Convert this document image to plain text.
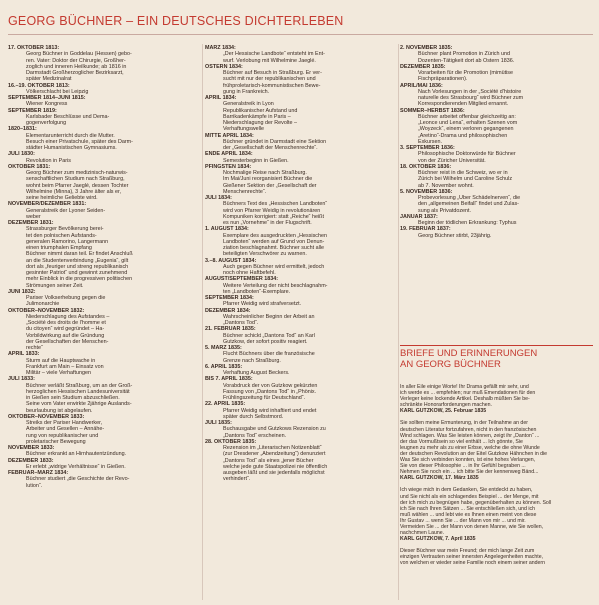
GEORG BÜCHNER – EIN DEUTSCHES DICHTERLEBEN
17. OKTOBER 1813:
Georg Büchner in Goddelau (Hessen) gebo-
ren. Vater: Doktor der Chirurgie, Großher-
zoglich und inneren Heilkunde; ab 1816 in
Darmstadt Großherzoglicher Bezirksarzt,
später Medizinalrat
16.–19. OKTOBER 1813:
Völkerschlacht bei Leipzig
SEPTEMBER 1814–JUNI 1815:
Wiener Kongress
SEPTEMBER 1819:
Karlsbader Beschlüsse und Dema-
gogenverfolgung
1820–1831:
Elementarunterricht durch die Mutter.
Besuch einer Privatschule, später des Darm-
städter Humanistischen Gymnasiums.
JULI 1830:
Revolution in Paris
OKTOBER 1831:
Georg Büchner zum medizinisch-naturwis-
senschaftlichen Studium nach Straßburg,
wohnt beim Pfarrer Jaeglé, dessen Tochter
Wilhelmine (Minna), 3 Jahre älter als er,
seine heimliche Geliebte wird.
NOVEMBER/DEZEMBER 1831:
Generalstreik der Lyoner Seiden-
weber
DEZEMBER 1831:
Strassburger Bevölkerung berei-
tet den polnischen Aufstands-
generalen Ramorino, Langermann
einen triumphalen Empfang
Büchner nimmt daran teil. Er findet Anschluß
an die Studentenverbindung „Eugenia“, gilt
dort als „feuriger und streng republikanisch
gesinnter Patriot“ und gewinnt zunehmend
mehr Einblick in die progressiven politischen
Strömungen seiner Zeit.
JUNI 1832:
Pariser Volkserhebung gegen die
Julimonarchie
OKTOBER–NOVEMBER 1832:
Niederschlagung des Aufstandes –
„Société des droits de l'homme et
du citoyen“ wird gegründet – Ha-
Vorbildwirkung auf die Gründung
der Gesellschaften der Menschen-
rechte“
APRIL 1833:
Sturm auf die Hauptwache in
Frankfurt am Main – Einsatz von
Militär – viele Verhaftungen
JULI 1833:
Büchner verläßt Straßburg, um an der Groß-
herzoglichen Hessischen Landesuniversität
in Gießen sein Studium abzuschließen.
Seine vom Vater erwirkte 2jährige Auslands-
beurlaubung ist abgelaufen.
OKTOBER–NOVEMBER 1833:
Streiks der Pariser Handwerker,
Arbeiter und Gesellen – Annähe-
rung von republikanischer und
proletarischer Bewegung
NOVEMBER 1833:
Büchner erkrankt an Hirnhautentzündung.
DEZEMBER 1833:
Er erlebt „widrige Verhältnisse“ in Gießen.
FEBRUAR–MÄRZ 1834:
Büchner studiert „die Geschichte der Revo-
lution“.
MÄRZ 1834:
„Der Hessische Landbote“ entsteht im Ent-
wurf. Verlobung mit Wilhelmine Jaeglé.
OSTERN 1834:
Büchner auf Besuch in Straßburg. Er ver-
sucht mit nur der republikanischen und
frühproletarisch-kommunistischen Bewe-
gung in Frankreich.
APRIL 1834:
Generalstreik in Lyon
Republikanischer Aufstand und
Barrikadenkämpfe in Paris –
Niederschlagung der Revolte –
Verhaftungswelle
MITTE APRIL 1834:
Büchner gründet in Darmstadt eine Sektion
der „Gesellschaft der Menschenrechte“.
ENDE APRIL 1834:
Semesterbeginn in Gießen.
PFINGSTEN 1834:
Nochmalige Reise nach Straßburg.
Im Mai/Juni reorganisiert Büchner die
Gießener Sektion der „Gesellschaft der
Menschenrechte“.
JULI 1834:
Büchners Text des „Hessischen Landboten“
wird von Pfarrer Weidig in revolutionären
Kompuniken korrigiert: statt „Reiche“ heißt
es nun „Vornehme“ in der Flugschrift.
1. AUGUST 1834:
Exemplare des ausgedruckten „Hessischen
Landboten“ werden auf Grund von Denun-
ziation beschlagnahmt. Büchner sucht alle
beteiligten Verschwörer zu warnen.
3.–8. AUGUST 1834:
Auch gegen Büchner wird ermittelt, jedoch
noch ohne Haftbefehl.
AUGUST/SEPTEMBER 1834:
Weitere Verteilung der nicht beschlagnahm-
ten „Landboten“-Exemplare.
SEPTEMBER 1834:
Pfarrer Weidig wird strafversetzt.
DEZEMBER 1834:
Wahrscheinlicher Beginn der Arbeit an
„Dantons Tod“.
21. FEBRUAR 1835:
Büchner schickt „Dantons Tod“ an Karl
Gutzkow, der sofort positiv reagiert.
5. MÄRZ 1835:
Flucht Büchners über die französische
Grenze nach Straßburg.
6. APRIL 1835:
Verhaftung August Beckers.
BIS 7. APRIL 1835:
Vorabdruck der von Gutzkow gekürzten
Fassung von „Dantons Tod“ in „Phönix.
Frühlingszeitung für Deutschland“.
22. APRIL 1835:
Pfarrer Weidig wird inhaftiert und endet
später durch Selbstmord.
JULI 1835:
Buchausgabe und Gutzkows Rezension zu
„Dantons Tod“ erscheinen.
28. OKTOBER 1835:
Rezension im „Literarischen Notizenblatt“
(zur Dresdener „Abendzeitung“) denunziert
„Dantons Tod“ als eines „jener Bücher
welche jede gute Staatspolizei nie öffentlich
ausgeben läßt und sie jedenfalls möglichst
verhindert“.
2. NOVEMBER 1835:
Büchner plant Promotion in Zürich und
Dozenten-Tätigkeit dort ab Ostern 1836.
DEZEMBER 1835:
Vorarbeiten für die Promotion (mimütise
Fischpräparationen).
APRIL/MAI 1836:
Nach Vorlesungen in der „Société d'histoire
naturelle des Strasbourg“ wird Büchner zum
Korrespondierenden Mitglied ernannt.
SOMMER–HERBST 1836:
Büchner arbeitet offenbar gleichzeitig an:
„Leonce und Lena“, erhalten Szenen vom
„Woyzeck“, einem verloren gegangenen
„Aretino“-Drama und philosophischen
Exkursen.
3. SEPTEMBER 1836:
Philosophische Doktorwürde für Büchner
von der Züricher Universität.
18. OKTOBER 1836:
Büchner reist in die Schweiz, wo er in
Zürich bei Wilhelm und Caroline Schulz
ab 7. November wohnt.
5. NOVEMBER 1836:
Probevorlesung „Über Schädelnerven“, die
den „allgemeinen Beifall“ findet und Zulas-
sung als Privatdozent.
JANUAR 1837:
Beginn der tödlichen Erkrankung: Typhus
19. FEBRUAR 1837:
Georg Büchner stirbt, 23jährig.
BRIEFE UND ERINNERUNGEN
AN GEORG BÜCHNER
In aller Eile einige Worte! Ihr Drama gefällt mir sehr, und
ich werde es ... empfehlen; nur muß Emendationen für den
Verleger keine lockende Artikel. Deshalb müßten Sie be-
schränkte Honorarforderungen machen.
KARL GUTZKOW, 25. Februar 1835
Sie sollten meine Ermunterung, in der Teilnahme an der
deutschen Literatur fortzufahren, nicht in den französischen
Wind schlagen. Was Sie leisten können, zeigt ihr „Danton“ ...
der das Vormußtsein so viel enthält ... Ich gönnte, Sie
leugnen zu mehr als zu einer Erbse, welche die ohne Wunde
der deutschen Revolution an der Eitel Gutzkow Hähnchen in die
Was Sie sich verbinden konnten, ist eine hohes Verlangen,
Sie von dieser Philosophie ... in Ihr Gefühl begraben ...
Nehmen Sie noch ein ... ich bitte Sie der kennenweg Bänd...
KARL GUTZKOW, 17. März 1835
Ich wiege mich in dem Gedanken, Sie entdeckt zu haben,
und Sie nicht als ein schlagendes Beispiel ... der Menge, mit
der ich mich zu begnügen habe, gegenüberhalten zu können. Soll
ich Sie nach Ihren Sätzen ... Sie entschließen sich, und ich
muß wählen ... und lebt wie es Ihnen einen meint von diese
Ihr Gustav ... wenn Sie ... der Mann von mir ... und mir.
Vermeiden Sie ... der Mann von denen Manne, wie Sie wollen,
nachchmen Laune.
KARL GUTZKOW, 7. April 1835
Dieser Büchner war mein Freund; der mich lange Zeit zum
einzigen Vertrauten seiner innersten Angelegenheiten machte,
von welchen er wieder seine Familie noch einem seiner andern
